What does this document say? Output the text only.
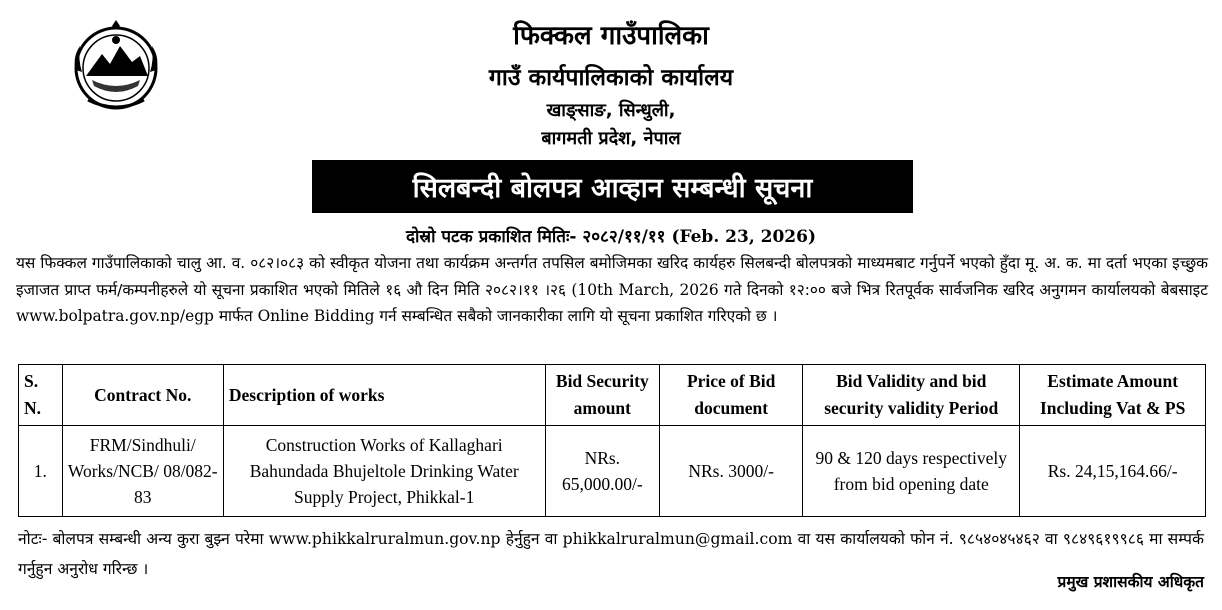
फिक्कल गाउँपालिका
गाउँ कार्यपालिकाको कार्यालय
खाङ्साङ, सिन्धुली,
बागमती प्रदेश, नेपाल
सिलबन्दी बोलपत्र आव्हान सम्बन्धी सूचना
दोस्रो पटक प्रकाशित मितिः- २०८२/११/११ (Feb. 23, 2026)
यस फिक्कल गाउँपालिकाको चालु आ. व. ०८२।०८३ को स्वीकृत योजना तथा कार्यक्रम अन्तर्गत तपसिल बमोजिमका खरिद कार्यहरु सिलबन्दी बोलपत्रको माध्यमबाट गर्नुपर्ने भएको हुँदा मू. अ. क. मा दर्ता भएका इच्छुक इजाजत प्राप्त फर्म/कम्पनीहरुले यो सूचना प्रकाशित भएको मितिले १६ औ दिन मिति २०८२।११ ।२६ (10th March, 2026 गते दिनको १२:०० बजे भित्र रितपूर्वक सार्वजनिक खरिद अनुगमन कार्यालयको बेबसाइट www.bolpatra.gov.np/egp मार्फत Online Bidding गर्न सम्बन्धित सबैको जानकारीका लागि यो सूचना प्रकाशित गरिएको छ ।
S. N.	Contract No.	Description of works	Bid Security amount	Price of Bid document	Bid Validity and bid security validity Period	Estimate Amount Including Vat & PS
1.	FRM/Sindhuli/ Works/NCB/ 08/082-83	Construction Works of Kallaghari Bahundada Bhujeltole Drinking Water Supply Project, Phikkal-1	NRs. 65,000.00/-	NRs. 3000/-	90 & 120 days respectively from bid opening date	Rs. 24,15,164.66/-
नोटः- बोलपत्र सम्बन्धी अन्य कुरा बुझ्न परेमा www.phikkalruralmun.gov.np हेर्नुहुन वा phikkalruralmun@gmail.com वा यस कार्यालयको फोन नं. ९८५४०४५४६२ वा ९८४९६१९९८६ मा सम्पर्क गर्नुहुन अनुरोध गरिन्छ ।
प्रमुख प्रशासकीय अधिकृत
